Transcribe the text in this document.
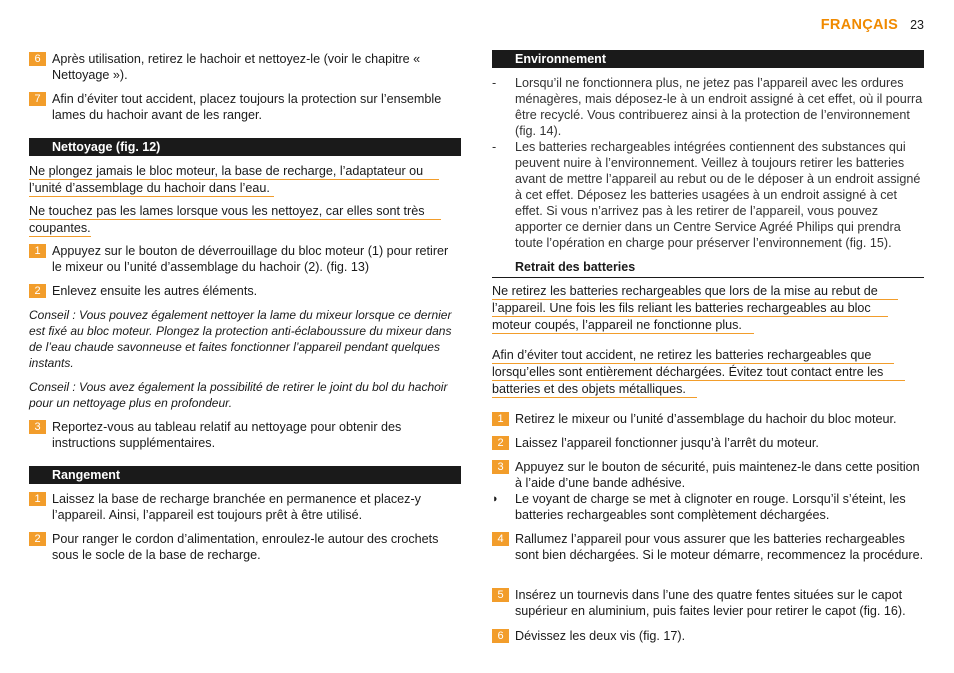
FRANÇAIS 23
6 Après utilisation, retirez le hachoir et nettoyez-le (voir le chapitre « Nettoyage »).
7 Afin d’éviter tout accident, placez toujours la protection sur l’ensemble lames du hachoir avant de les ranger.
Nettoyage (fig. 12)
Ne plongez jamais le bloc moteur, la base de recharge, l’adaptateur ou
l’unité d’assemblage du hachoir dans l’eau.
Ne touchez pas les lames lorsque vous les nettoyez, car elles sont très
coupantes.
1 Appuyez sur le bouton de déverrouillage du bloc moteur (1) pour retirer le mixeur ou l’unité d’assemblage du hachoir (2). (fig. 13)
2 Enlevez ensuite les autres éléments.
Conseil : Vous pouvez également nettoyer la lame du mixeur lorsque ce dernier est fixé au bloc moteur. Plongez la protection anti-éclaboussure du mixeur dans de l’eau chaude savonneuse et faites fonctionner l’appareil pendant quelques instants.
Conseil : Vous avez également la possibilité de retirer le joint du bol du hachoir pour un nettoyage plus en profondeur.
3 Reportez-vous au tableau relatif au nettoyage pour obtenir des instructions supplémentaires.
Rangement
1 Laissez la base de recharge branchée en permanence et placez-y l’appareil. Ainsi, l’appareil est toujours prêt à être utilisé.
2 Pour ranger le cordon d’alimentation, enroulez-le autour des crochets sous le socle de la base de recharge.
Environnement
-	Lorsqu’il ne fonctionnera plus, ne jetez pas l’appareil avec les ordures ménagères, mais déposez-le à un endroit assigné à cet effet, où il pourra être recyclé. Vous contribuerez ainsi à la protection de l’environnement (fig. 14).
-	Les batteries rechargeables intégrées contiennent des substances qui peuvent nuire à l’environnement. Veillez à toujours retirer les batteries avant de mettre l’appareil au rebut ou de le déposer à un endroit assigné à cet effet. Déposez les batteries usagées à un endroit assigné à cet effet. Si vous n’arrivez pas à les retirer de l’appareil, vous pouvez apporter ce dernier dans un Centre Service Agréé Philips qui prendra toute l’opération en charge pour préserver l’environnement (fig. 15).
Retrait des batteries
Ne retirez les batteries rechargeables que lors de la mise au rebut de
l’appareil. Une fois les fils reliant les batteries rechargeables au bloc
moteur coupés, l’appareil ne fonctionne plus.
Afin d’éviter tout accident, ne retirez les batteries rechargeables que
lorsqu’elles sont entièrement déchargées. Évitez tout contact entre les
batteries et des objets métalliques.
1 Retirez le mixeur ou l’unité d’assemblage du hachoir du bloc moteur.
2 Laissez l’appareil fonctionner jusqu’à l’arrêt du moteur.
3 Appuyez sur le bouton de sécurité, puis maintenez-le dans cette position à l’aide d’une bande adhésive.
◗	Le voyant de charge se met à clignoter en rouge. Lorsqu’il s’éteint, les batteries rechargeables sont complètement déchargées.
4 Rallumez l’appareil pour vous assurer que les batteries rechargeables sont bien déchargées. Si le moteur démarre, recommencez la procédure.
5 Insérez un tournevis dans l’une des quatre fentes situées sur le capot supérieur en aluminium, puis faites levier pour retirer le capot (fig. 16).
6 Dévissez les deux vis (fig. 17).
